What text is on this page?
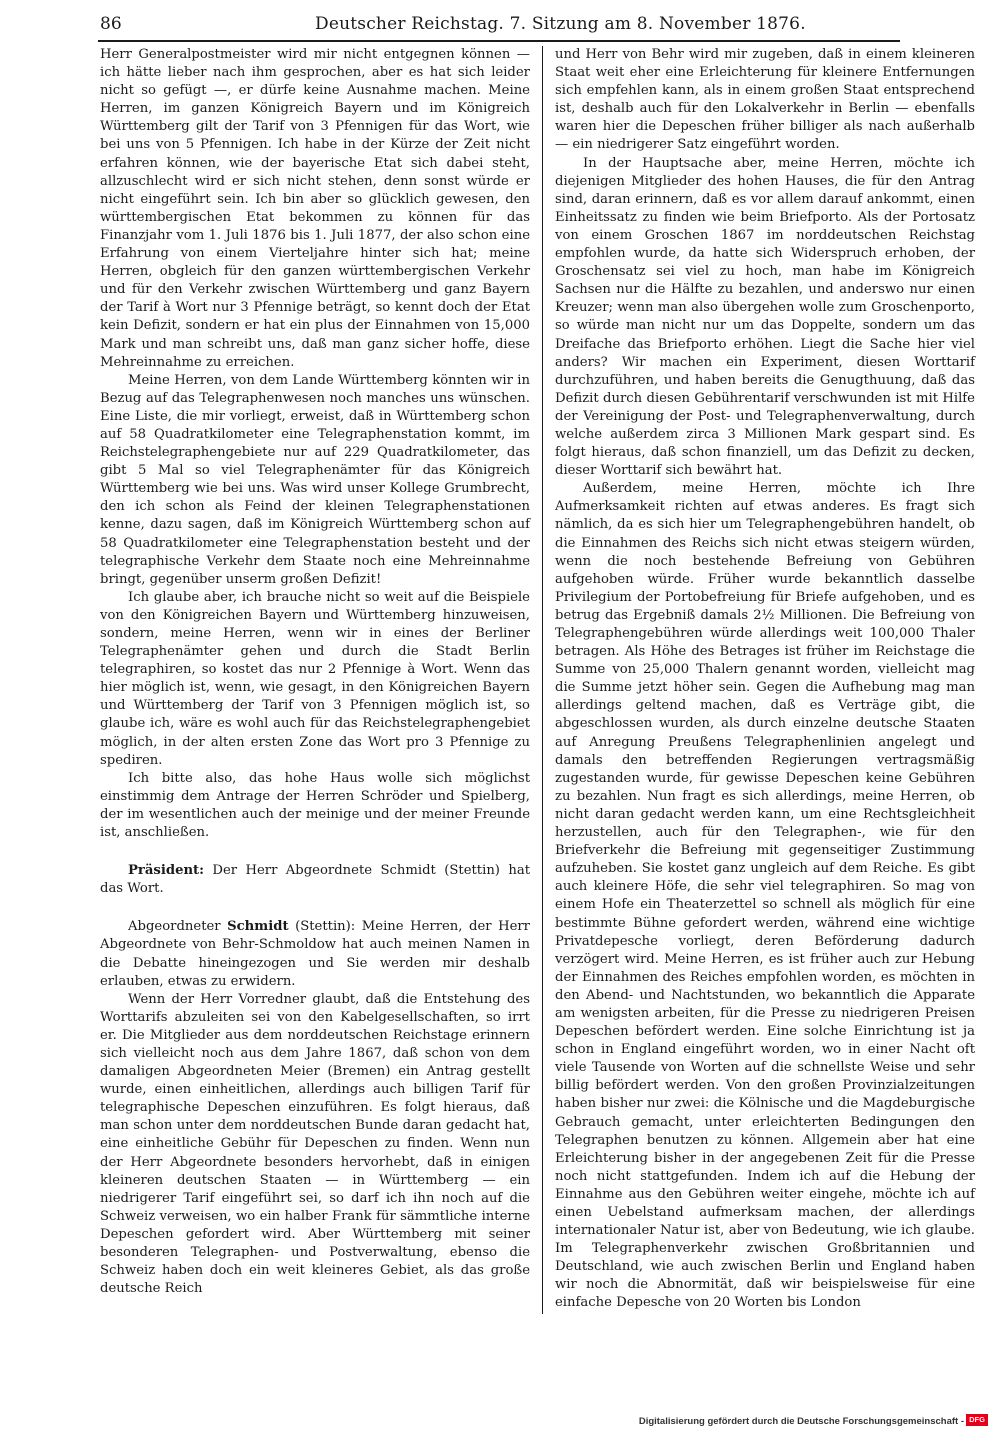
86	Deutscher Reichstag. 7. Sitzung am 8. November 1876.

Herr Generalpostmeister wird mir nicht entgegnen können — ich hätte lieber nach ihm gesprochen, aber es hat sich leider nicht so gefügt —, er dürfe keine Ausnahme machen. Meine Herren, im ganzen Königreich Bayern und im Königreich Württemberg gilt der Tarif von 3 Pfennigen für das Wort, wie bei uns von 5 Pfennigen. Ich habe in der Kürze der Zeit nicht erfahren können, wie der bayerische Etat sich dabei steht, allzuschlecht wird er sich nicht stehen, denn sonst würde er nicht eingeführt sein. Ich bin aber so glücklich gewesen, den württembergischen Etat bekommen zu können für das Finanzjahr vom 1. Juli 1876 bis 1. Juli 1877, der also schon eine Erfahrung von einem Vierteljahre hinter sich hat; meine Herren, obgleich für den ganzen württembergischen Verkehr und für den Verkehr zwischen Württemberg und ganz Bayern der Tarif à Wort nur 3 Pfennige beträgt, so kennt doch der Etat kein Defizit, sondern er hat ein plus der Einnahmen von 15,000 Mark und man schreibt uns, daß man ganz sicher hoffe, diese Mehreinnahme zu erreichen.

Meine Herren, von dem Lande Württemberg könnten wir in Bezug auf das Telegraphenwesen noch manches uns wünschen. Eine Liste, die mir vorliegt, erweist, daß in Württemberg schon auf 58 Quadratkilometer eine Telegraphenstation kommt, im Reichstelegraphengebiete nur auf 229 Quadratkilometer, das gibt 5 Mal so viel Telegraphenämter für das Königreich Württemberg wie bei uns. Was wird unser Kollege Grumbrecht, den ich schon als Feind der kleinen Telegraphenstationen kenne, dazu sagen, daß im Königreich Württemberg schon auf 58 Quadratkilometer eine Telegraphenstation besteht und der telegraphische Verkehr dem Staate noch eine Mehreinnahme bringt, gegenüber unserm großen Defizit!

Ich glaube aber, ich brauche nicht so weit auf die Beispiele von den Königreichen Bayern und Württemberg hinzuweisen, sondern, meine Herren, wenn wir in eines der Berliner Telegraphenämter gehen und durch die Stadt Berlin telegraphiren, so kostet das nur 2 Pfennige à Wort. Wenn das hier möglich ist, wenn, wie gesagt, in den Königreichen Bayern und Württemberg der Tarif von 3 Pfennigen möglich ist, so glaube ich, wäre es wohl auch für das Reichstelegraphengebiet möglich, in der alten ersten Zone das Wort pro 3 Pfennige zu spediren.

Ich bitte also, das hohe Haus wolle sich möglichst einstimmig dem Antrage der Herren Schröder und Spielberg, der im wesentlichen auch der meinige und der meiner Freunde ist, anschließen.

Präsident: Der Herr Abgeordnete Schmidt (Stettin) hat das Wort.

Abgeordneter Schmidt (Stettin): Meine Herren, der Herr Abgeordnete von Behr-Schmoldow hat auch meinen Namen in die Debatte hineingezogen und Sie werden mir deshalb erlauben, etwas zu erwidern.

Wenn der Herr Vorredner glaubt, daß die Entstehung des Worttarifs abzuleiten sei von den Kabelgesellschaften, so irrt er. Die Mitglieder aus dem norddeutschen Reichstage erinnern sich vielleicht noch aus dem Jahre 1867, daß schon von dem damaligen Abgeordneten Meier (Bremen) ein Antrag gestellt wurde, einen einheitlichen, allerdings auch billigen Tarif für telegraphische Depeschen einzuführen. Es folgt hieraus, daß man schon unter dem norddeutschen Bunde daran gedacht hat, eine einheitliche Gebühr für Depeschen zu finden. Wenn nun der Herr Abgeordnete besonders hervorhebt, daß in einigen kleineren deutschen Staaten — in Württemberg — ein niedrigerer Tarif eingeführt sei, so darf ich ihn noch auf die Schweiz verweisen, wo ein halber Frank für sämmtliche interne Depeschen gefordert wird. Aber Württemberg mit seiner besonderen Telegraphen- und Postverwaltung, ebenso die Schweiz haben doch ein weit kleineres Gebiet, als das große deutsche Reich

und Herr von Behr wird mir zugeben, daß in einem kleineren Staat weit eher eine Erleichterung für kleinere Entfernungen sich empfehlen kann, als in einem großen Staat entsprechend ist, deshalb auch für den Lokalverkehr in Berlin — ebenfalls waren hier die Depeschen früher billiger als nach außerhalb — ein niedrigerer Satz eingeführt worden.

In der Hauptsache aber, meine Herren, möchte ich diejenigen Mitglieder des hohen Hauses, die für den Antrag sind, daran erinnern, daß es vor allem darauf ankommt, einen Einheitssatz zu finden wie beim Briefporto. Als der Portosatz von einem Groschen 1867 im norddeutschen Reichstag empfohlen wurde, da hatte sich Widerspruch erhoben, der Groschensatz sei viel zu hoch, man habe im Königreich Sachsen nur die Hälfte zu bezahlen, und anderswo nur einen Kreuzer; wenn man also übergehen wolle zum Groschenporto, so würde man nicht nur um das Doppelte, sondern um das Dreifache das Briefporto erhöhen. Liegt die Sache hier viel anders? Wir machen ein Experiment, diesen Worttarif durchzuführen, und haben bereits die Genugthuung, daß das Defizit durch diesen Gebührentarif verschwunden ist mit Hilfe der Vereinigung der Post- und Telegraphenverwaltung, durch welche außerdem zirca 3 Millionen Mark gespart sind. Es folgt hieraus, daß schon finanziell, um das Defizit zu decken, dieser Worttarif sich bewährt hat.

Außerdem, meine Herren, möchte ich Ihre Aufmerksamkeit richten auf etwas anderes. Es fragt sich nämlich, da es sich hier um Telegraphengebühren handelt, ob die Einnahmen des Reichs sich nicht etwas steigern würden, wenn die noch bestehende Befreiung von Gebühren aufgehoben würde. Früher wurde bekanntlich dasselbe Privilegium der Portobefreiung für Briefe aufgehoben, und es betrug das Ergebniß damals 2½ Millionen. Die Befreiung von Telegraphengebühren würde allerdings weit 100,000 Thaler betragen. Als Höhe des Betrages ist früher im Reichstage die Summe von 25,000 Thalern genannt worden, vielleicht mag die Summe jetzt höher sein. Gegen die Aufhebung mag man allerdings geltend machen, daß es Verträge gibt, die abgeschlossen wurden, als durch einzelne deutsche Staaten auf Anregung Preußens Telegraphenlinien angelegt und damals den betreffenden Regierungen vertragsmäßig zugestanden wurde, für gewisse Depeschen keine Gebühren zu bezahlen. Nun fragt es sich allerdings, meine Herren, ob nicht daran gedacht werden kann, um eine Rechtsgleichheit herzustellen, auch für den Telegraphen-, wie für den Briefverkehr die Befreiung mit gegenseitiger Zustimmung aufzuheben. Sie kostet ganz ungleich auf dem Reiche. Es gibt auch kleinere Höfe, die sehr viel telegraphiren. So mag von einem Hofe ein Theaterzettel so schnell als möglich für eine bestimmte Bühne gefordert werden, während eine wichtige Privatdepesche vorliegt, deren Beförderung dadurch verzögert wird. Meine Herren, es ist früher auch zur Hebung der Einnahmen des Reiches empfohlen worden, es möchten in den Abend- und Nachtstunden, wo bekanntlich die Apparate am wenigsten arbeiten, für die Presse zu niedrigeren Preisen Depeschen befördert werden. Eine solche Einrichtung ist ja schon in England eingeführt worden, wo in einer Nacht oft viele Tausende von Worten auf die schnellste Weise und sehr billig befördert werden. Von den großen Provinzialzeitungen haben bisher nur zwei: die Kölnische und die Magdeburgische Gebrauch gemacht, unter erleichterten Bedingungen den Telegraphen benutzen zu können. Allgemein aber hat eine Erleichterung bisher in der angegebenen Zeit für die Presse noch nicht stattgefunden. Indem ich auf die Hebung der Einnahme aus den Gebühren weiter eingehe, möchte ich auf einen Uebelstand aufmerksam machen, der allerdings internationaler Natur ist, aber von Bedeutung, wie ich glaube. Im Telegraphenverkehr zwischen Großbritannien und Deutschland, wie auch zwischen Berlin und England haben wir noch die Abnormität, daß wir beispielsweise für eine einfache Depesche von 20 Worten bis London

Digitalisierung gefördert durch die Deutsche Forschungsgemeinschaft - DFG
